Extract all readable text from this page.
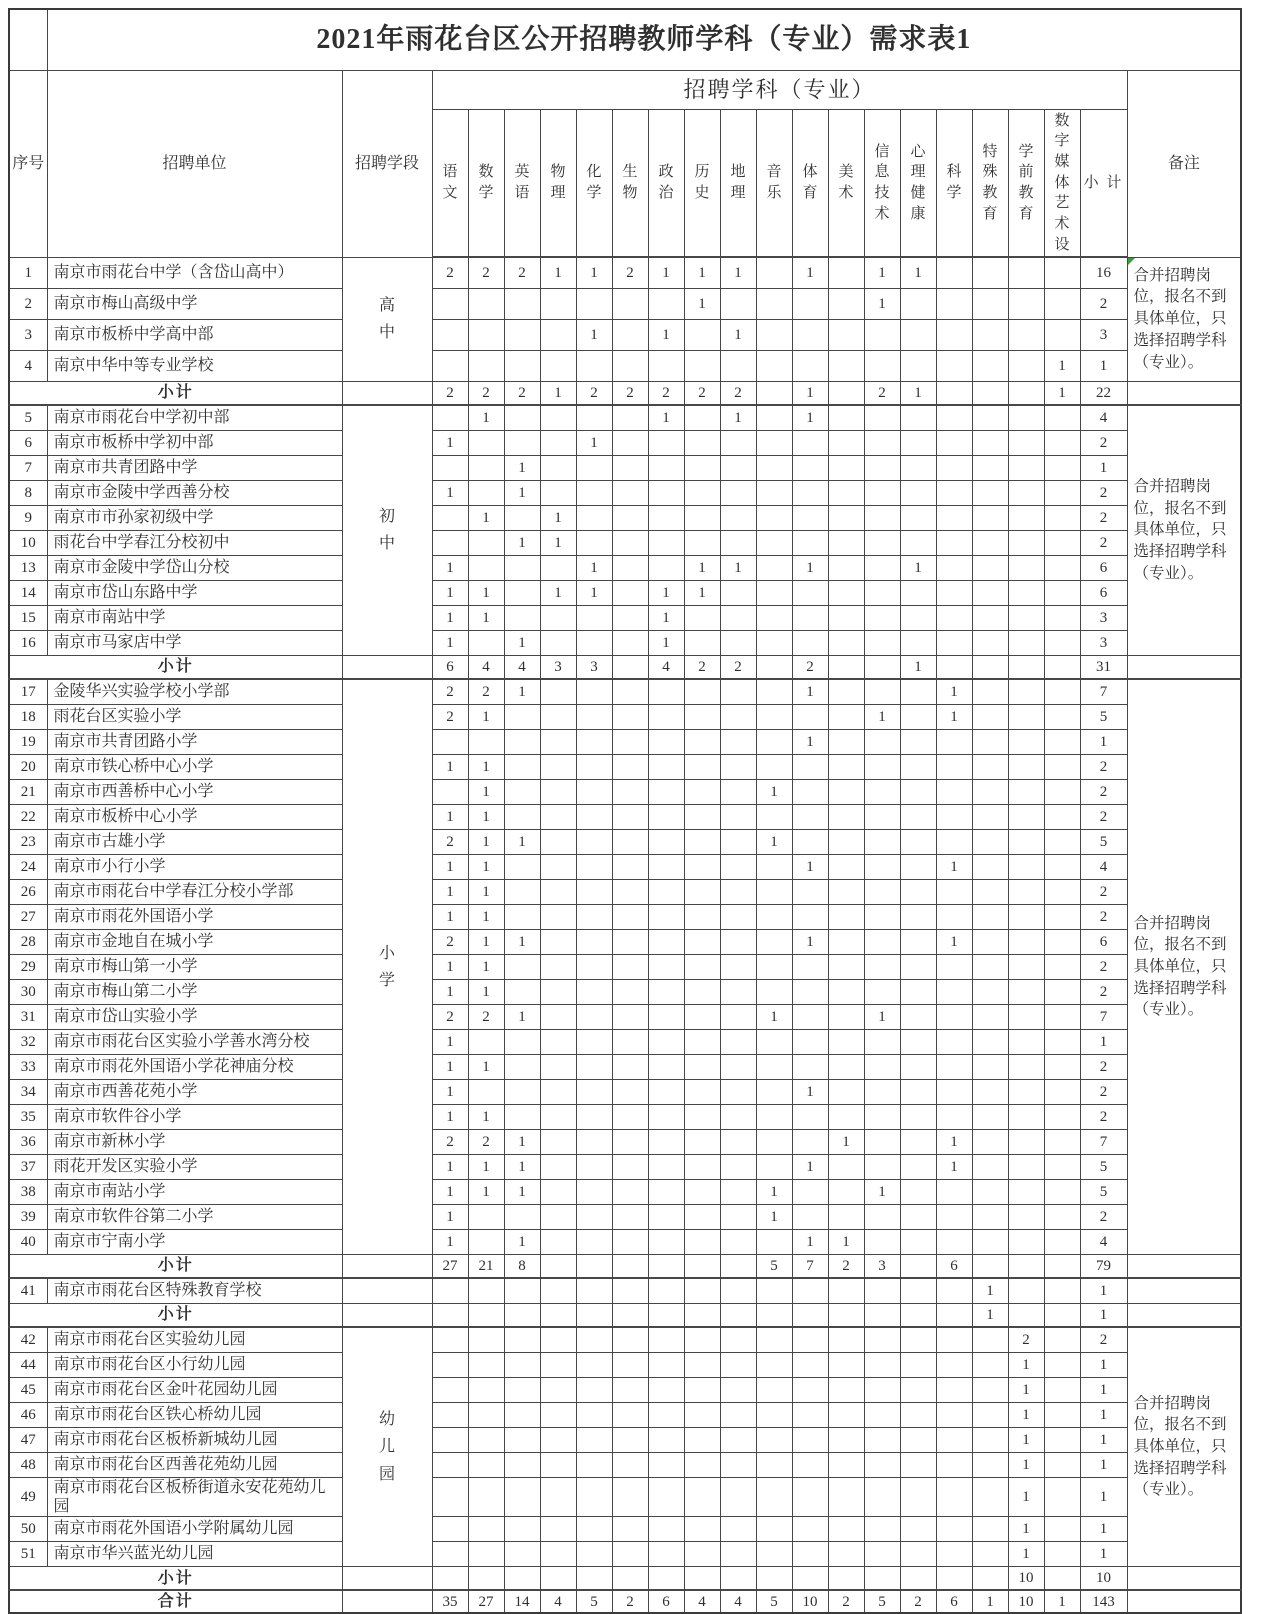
	2021年雨花台区公开招聘教师学科（专业）需求表1																					
序号	招聘单位	招聘学段	招聘学科（专业）																			备注
			语文	数学	英语	物理	化学	生物	政治	历史	地理	音乐	体育	美术	信息技术	心理健康	科学	特殊教育	学前教育	数字媒体艺术设	小 计	
1	南京市雨花台中学（含岱山高中）	高中	2	2	2	1	1	2	1	1	1		1		1	1					16	合并招聘岗位，报名不到具体单位，只选择招聘学科（专业）。

2	南京市梅山高级中学									1					1						2	
3	南京市板桥中学高中部						1		1		1										3	
4	南京中华中等专业学校																			1	1	
小计			2	2	2	1	2	2	2	2	2		1		2	1				1	22	
5	南京市雨花台中学初中部	初中		1					1		1		1								4	合并招聘岗位，报名不到具体单位，只选择招聘学科（专业）。

6	南京市板桥中学初中部		1				1														2	
7	南京市共青团路中学				1																1	
8	南京市金陵中学西善分校		1		1																2	
9	南京市市孙家初级中学			1		1															2	
10	雨花台中学春江分校初中				1	1															2	
13	南京市金陵中学岱山分校		1				1			1	1		1			1					6	
14	南京市岱山东路中学		1	1		1	1		1	1											6	
15	南京市南站中学		1	1					1												3	
16	南京市马家店中学		1		1				1												3	
小计			6	4	4	3	3		4	2	2		2			1					31	
17	金陵华兴实验学校小学部	小学	2	2	1								1				1				7	合并招聘岗位，报名不到具体单位，只选择招聘学科（专业）。

18	雨花台区实验小学		2	1											1		1				5	
19	南京市共青团路小学												1								1	
20	南京市铁心桥中心小学		1	1																	2	
21	南京市西善桥中心小学			1								1									2	
22	南京市板桥中心小学		1	1																	2	
23	南京市古雄小学		2	1	1							1									5	
24	南京市小行小学		1	1									1				1				4	
26	南京市雨花台中学春江分校小学部		1	1																	2	
27	南京市雨花外国语小学		1	1																	2	
28	南京市金地自在城小学		2	1	1								1				1				6	
29	南京市梅山第一小学		1	1																	2	
30	南京市梅山第二小学		1	1																	2	
31	南京市岱山实验小学		2	2	1							1			1						7	
32	南京市雨花台区实验小学善水湾分校		1																		1	
33	南京市雨花外国语小学花神庙分校		1	1																	2	
34	南京市西善花苑小学		1										1								2	
35	南京市软件谷小学		1	1																	2	
36	南京市新林小学		2	2	1									1			1				7	
37	雨花开发区实验小学		1	1	1								1				1				5	
38	南京市南站小学		1	1	1							1			1						5	
39	南京市软件谷第二小学		1									1									2	
40	南京市宁南小学		1		1								1	1							4	
小计			27	21	8							5	7	2	3		6				79	
41	南京市雨花台区特殊教育学校																	1			1	

小计																		1			1	
42	南京市雨花台区实验幼儿园	幼儿园																	2		2	合并招聘岗位，报名不到具体单位，只选择招聘学科（专业）。

44	南京市雨花台区小行幼儿园																		1		1	
45	南京市雨花台区金叶花园幼儿园																		1		1	
46	南京市雨花台区铁心桥幼儿园																		1		1	
47	南京市雨花台区板桥新城幼儿园																		1		1	
48	南京市雨花台区西善花苑幼儿园																		1		1	
49	南京市雨花台区板桥街道永安花苑幼儿园																		1		1	
50	南京市雨花外国语小学附属幼儿园																		1		1	
51	南京市华兴蓝光幼儿园																		1		1	
小计																			10		10	
合计			35	27	14	4	5	2	6	4	4	5	10	2	5	2	6	1	10	1	143	
